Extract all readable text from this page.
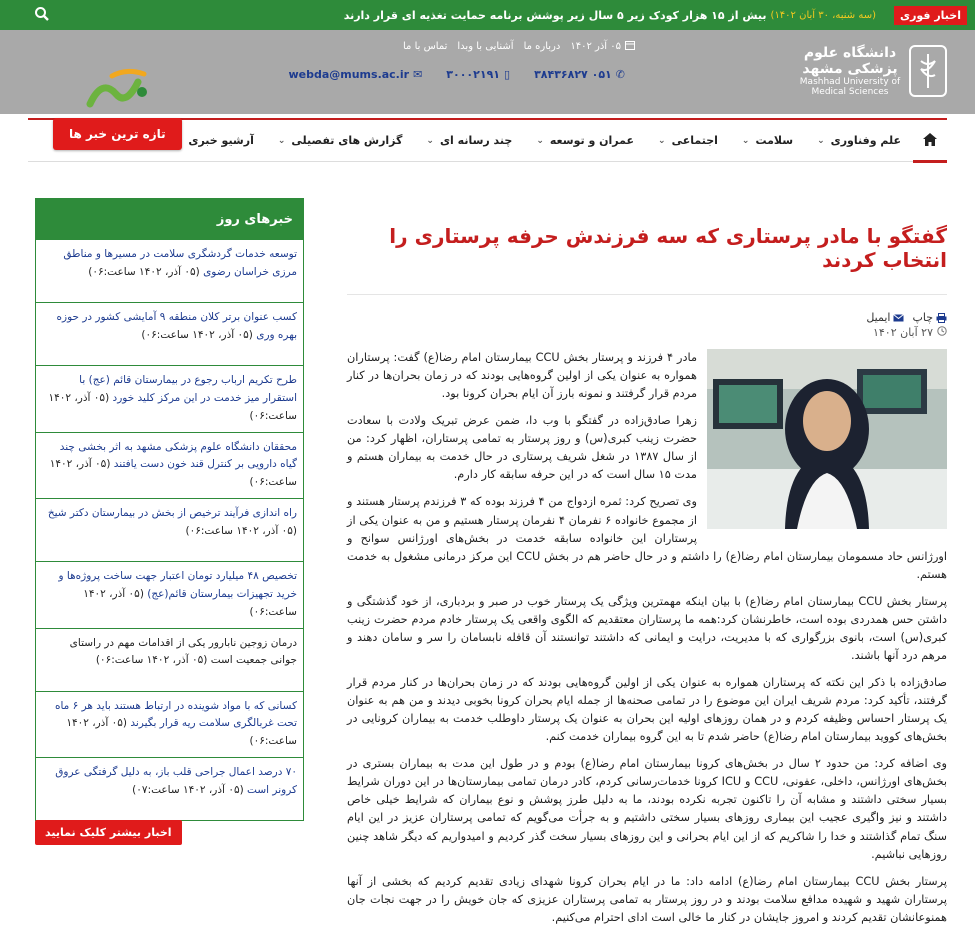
اخبار فوری
(سه شنبه، ۳۰ آبان ۱۴۰۲)
بیش از ۱۵ هزار کودک زیر ۵ سال زیر پوشش برنامه حمایت تغذیه ای قرار دارند
دانشگاه علوم پزشکی مشهد
Mashhad University of
Medical Sciences
۰۵ آذر ۱۴۰۲
درباره ما
آشنایی با وبدا
تماس با ما
✆
۰۵۱ ۳۸۴۳۶۸۲۷
▯
۳۰۰۰۲۱۹۱
✉
webda@mums.ac.ir
علم وفناوری
⌄
سلامت
⌄
اجتماعی
⌄
عمران و توسعه
⌄
چند رسانه ای
⌄
گزارش های تفصیلی
⌄
آرشیو خبری
تازه ترین خبر ها
گفتگو با مادر پرستاری که سه فرزندش حرفه پرستاری را انتخاب کردند
چاپ
ایمیل
۲۷ آبان ۱۴۰۲

مادر ۴ فرزند و پرستار بخش CCU بیمارستان امام رضا(ع) گفت: پرستاران همواره به عنوان یکی از اولین گروه‌هایی بودند که در زمان بحران‌ها در کنار مردم قرار گرفتند و نمونه بارز آن ایام بحران کرونا بود.

زهرا صادق‌زاده در گفتگو با وب دا، ضمن عرض تبریک ولادت با سعادت حضرت زینب کبری(س) و روز پرستار به تمامی پرستاران، اظهار کرد: من از سال ۱۳۸۷ در شغل شریف پرستاری در حال خدمت به بیماران هستم و مدت ۱۵ سال است که در این حرفه سابقه کار دارم.

وی تصریح کرد: ثمره ازدواج من ۴ فرزند بوده که ۳ فرزندم پرستار هستند و از مجموع خانواده ۶ نفرمان ۴ نفرمان پرستار هستیم و من به عنوان یکی از پرستاران این خانواده سابقه خدمت در بخش‌های اورژانس سوانح و اورژانس حاد مسمومان بیمارستان امام رضا(ع) را داشتم و در حال حاضر هم در بخش CCU این مرکز درمانی مشغول به خدمت هستم.

پرستار بخش CCU بیمارستان امام رضا(ع) با بیان اینکه مهمترین ویژگی یک پرستار خوب در صبر و بردباری، از خود گذشتگی و داشتن حس همدردی بوده است، خاطرنشان کرد:همه ما پرستاران معتقدیم که الگوی واقعی یک پرستار خادم مردم حضرت زینب کبری(س) است، بانوی بزرگواری که با مدیریت، درایت و ایمانی که داشتند توانستند آن قافله نابسامان را سر و سامان دهند و مرهم درد آنها باشند.

صادق‌زاده با ذکر این نکته که پرستاران همواره به عنوان یکی از اولین گروه‌هایی بودند که در زمان بحران‌ها در کنار مردم قرار گرفتند، تأکید کرد: مردم شریف ایران این موضوع را در تمامی صحنه‌ها از جمله ایام بحران کرونا بخوبی دیدند و من هم به عنوان یک پرستار احساس وظیفه کردم و در همان روزهای اولیه این بحران به عنوان یک پرستار داوطلب خدمت به بیماران کرونایی در بخش‌های کووید بیمارستان امام رضا(ع) حاضر شدم تا به این گروه بیماران خدمت کنم.

وی اضافه کرد: من حدود ۲ سال در بخش‌های کرونا بیمارستان امام رضا(ع) بودم و در طول این مدت به بیماران بستری در بخش‌های اورژانس، داخلی، عفونی، CCU و ICU کرونا خدمات‌رسانی کردم، کادر درمان تمامی بیمارستان‌ها در این دوران شرایط بسیار سختی داشتند و مشابه آن را تاکنون تجربه نکرده بودند، ما به دلیل طرز پوشش و نوع بیماران که شرایط خیلی خاص داشتند و نیز واگیری عجیب این بیماری روزهای بسیار سختی داشتیم و به جرأت می‌گویم که تمامی پرستاران عزیز در این ایام سنگ تمام گذاشتند و خدا را شاکریم که از این ایام بحرانی و این روزهای بسیار سخت گذر کردیم و امیدواریم که دیگر شاهد چنین روزهایی نباشیم.

پرستار بخش CCU بیمارستان امام رضا(ع) ادامه داد: ما در ایام بحران کرونا شهدای زیادی تقدیم کردیم که بخشی از آنها پرستاران شهید و شهیده مدافع سلامت بودند و در روز پرستار به تمامی پرستاران عزیزی که جان خویش را در جهت نجات جان همنوعانشان تقدیم کردند و امروز جایشان در کنار ما خالی است ادای احترام می‌کنیم.

خبرهای روز
توسعه خدمات گردشگری سلامت در مسیرها و مناطق مرزی خراسان رضوی (۰۵ آذر، ۱۴۰۲ ساعت:۰۶)
کسب عنوان برتر کلان منطقه ۹ آمایشی کشور در حوزه بهره وری (۰۵ آذر، ۱۴۰۲ ساعت:۰۶)
طرح تکریم ارباب رجوع در بیمارستان قائم (عج) با استقرار میز خدمت در این مرکز کلید خورد (۰۵ آذر، ۱۴۰۲ ساعت:۰۶)
محققان دانشگاه علوم پزشکی مشهد به اثر بخشی چند گیاه دارویی بر کنترل قند خون دست یافتند (۰۵ آذر، ۱۴۰۲ ساعت:۰۶)
راه اندازی فرآیند ترخیص از بخش در بیمارستان دکتر شیخ (۰۵ آذر، ۱۴۰۲ ساعت:۰۶)
تخصیص ۴۸ میلیارد تومان اعتبار جهت ساخت پروژه‌ها و خرید تجهیزات بیمارستان قائم(عج) (۰۵ آذر، ۱۴۰۲ ساعت:۰۶)
درمان زوجین نابارور یکی از اقدامات مهم در راستای جوانی جمعیت است (۰۵ آذر، ۱۴۰۲ ساعت:۰۶)
کسانی که با مواد شوینده در ارتباط هستند باید هر ۶ ماه تحت غربالگری سلامت ریه قرار بگیرند (۰۵ آذر، ۱۴۰۲ ساعت:۰۶)
۷۰ درصد اعمال جراحی قلب باز، به دلیل گرفتگی عروق کرونر است (۰۵ آذر، ۱۴۰۲ ساعت:۰۷)
اخبار بیشتر کلیک نمایید
